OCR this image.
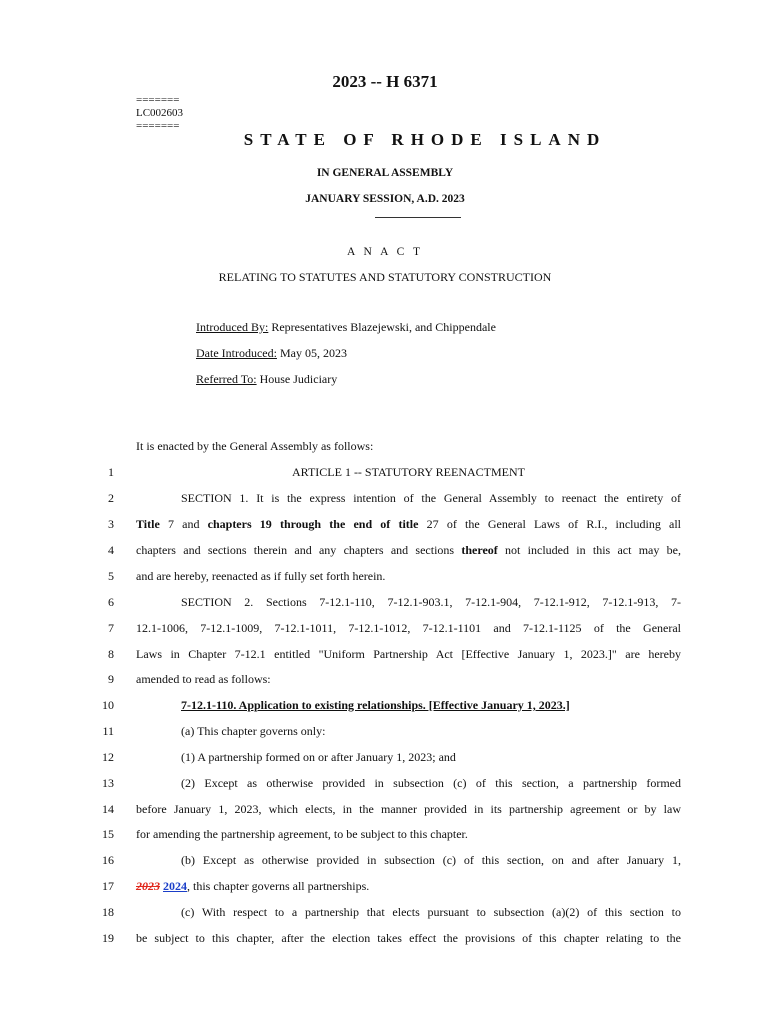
2023 -- H 6371
=======
LC002603
=======
STATE OF RHODE ISLAND
IN GENERAL ASSEMBLY
JANUARY SESSION, A.D. 2023
A N A C T
RELATING TO STATUTES AND STATUTORY CONSTRUCTION
Introduced By: Representatives Blazejewski, and Chippendale
Date Introduced: May 05, 2023
Referred To: House Judiciary
It is enacted by the General Assembly as follows:
1	ARTICLE 1 -- STATUTORY REENACTMENT
2	SECTION 1. It is the express intention of the General Assembly to reenact the entirety of
3 Title 7 and chapters 19 through the end of title 27 of the General Laws of R.I., including all
4 chapters and sections therein and any chapters and sections thereof not included in this act may be,
5 and are hereby, reenacted as if fully set forth herein.
6	SECTION 2. Sections 7-12.1-110, 7-12.1-903.1, 7-12.1-904, 7-12.1-912, 7-12.1-913, 7-
7 12.1-1006, 7-12.1-1009, 7-12.1-1011, 7-12.1-1012, 7-12.1-1101 and 7-12.1-1125 of the General
8 Laws in Chapter 7-12.1 entitled "Uniform Partnership Act [Effective January 1, 2023.]" are hereby
9 amended to read as follows:
10	7-12.1-110. Application to existing relationships. [Effective January 1, 2023.]
11	(a) This chapter governs only:
12	(1) A partnership formed on or after January 1, 2023; and
13	(2) Except as otherwise provided in subsection (c) of this section, a partnership formed
14 before January 1, 2023, which elects, in the manner provided in its partnership agreement or by law
15 for amending the partnership agreement, to be subject to this chapter.
16	(b) Except as otherwise provided in subsection (c) of this section, on and after January 1,
17 2023 2024, this chapter governs all partnerships.
18	(c) With respect to a partnership that elects pursuant to subsection (a)(2) of this section to
19 be subject to this chapter, after the election takes effect the provisions of this chapter relating to the
